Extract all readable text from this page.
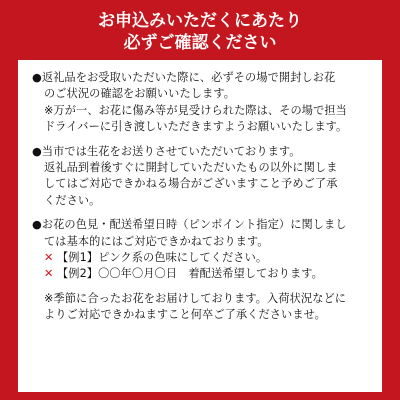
お申込みいただくにあたり
必ずご確認ください
●返礼品をお受取いただいた際に、必ずその場で開封しお花
のご状況の確認をお願いいたします。
※万が一、お花に傷み等が見受けられた際は、その場で担当
ドライバーに引き渡しいただきますようお願いいたします。
●当市では生花をお送りさせていただいております。
返礼品到着後すぐに開封していただいたもの以外に関しま
してはご対応できかねる場合がございますこと予めご了承
ください。
●お花の色見・配送希望日時（ピンポイント指定）に関しまし
ては基本的にはご対応できかねております。
✕ 【例1】ピンク系の色味にしてください。
✕ 【例2】〇〇年〇月〇日　着配送希望しております。
※季節に合ったお花をお届けしております。入荷状況などに
よりご対応できかねますこと何卒ご了承くださいませ。
